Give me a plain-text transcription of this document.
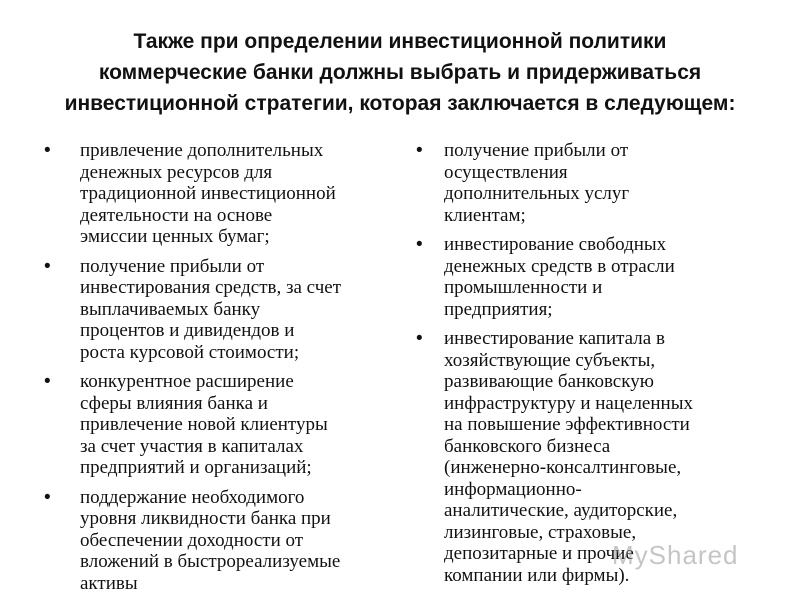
Также при определении инвестиционной политики
коммерческие банки должны выбрать и придерживаться
инвестиционной стратегии, которая заключается в следующем:
• привлечение дополнительных
денежных ресурсов для
традиционной инвестиционной
деятельности на основе
эмиссии ценных бумаг;
• получение прибыли от
инвестирования средств, за счет
выплачиваемых банку
процентов и дивидендов и
роста курсовой стоимости;
• конкурентное расширение
сферы влияния банка и
привлечение новой клиентуры
за счет участия в капиталах
предприятий и организаций;
• поддержание необходимого
уровня ликвидности банка при
обеспечении доходности от
вложений в быстрореализуемые
активы
• получение прибыли от
осуществления
дополнительных услуг
клиентам;
• инвестирование свободных
денежных средств в отрасли
промышленности и
предприятия;
• инвестирование капитала в
хозяйствующие субъекты,
развивающие банковскую
инфраструктуру и нацеленных
на повышение эффективности
банковского бизнеса
(инженерно-консалтинговые,
информационно-
аналитические, аудиторские,
лизинговые, страховые,
депозитарные и прочие
компании или фирмы).
MyShared
